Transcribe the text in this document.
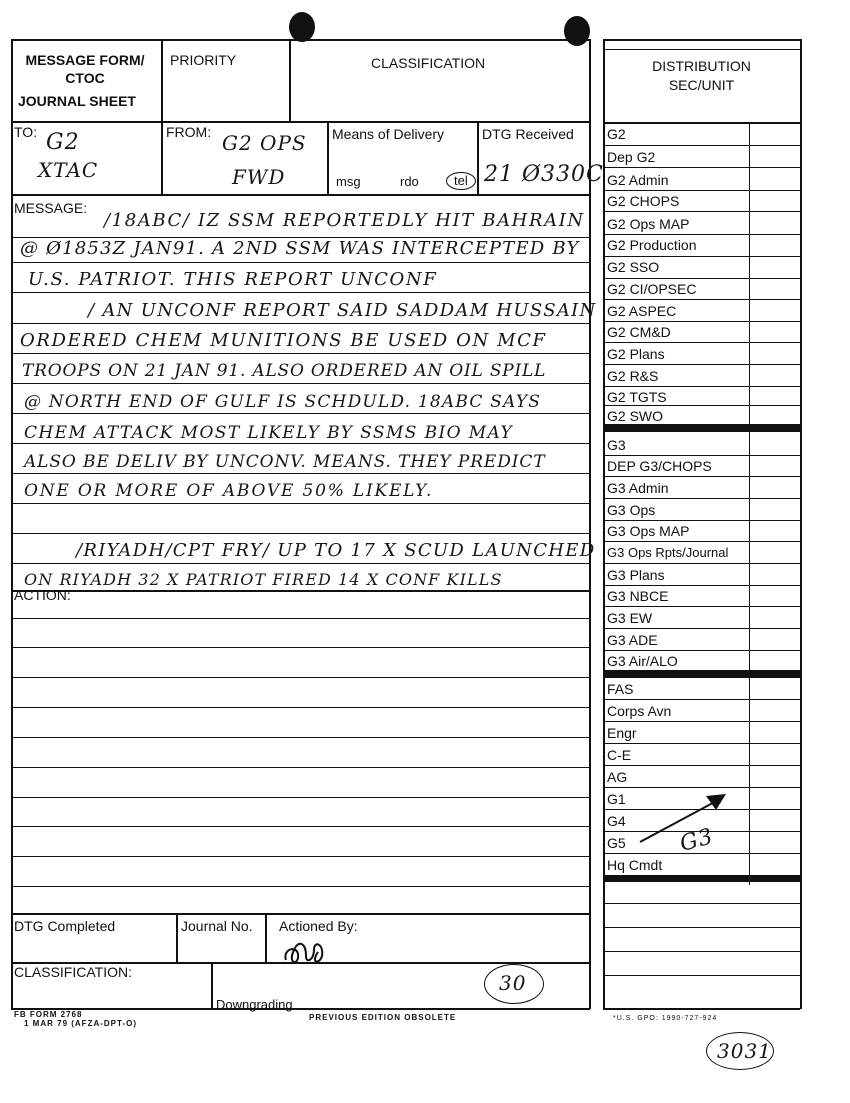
MESSAGE FORM/
CTOC
JOURNAL SHEET
PRIORITY	CLASSIFICATION
TO: G2
XTAC
FROM: G2 OPS
FWD
Means of Delivery
msg	rdo	tel
DTG Received
21 Ø330C
MESSAGE:
/18ABC/ IZ SSM REPORTEDLY HIT BAHRAIN
@ Ø1853Z JAN91. A 2ND SSM WAS INTERCEPTED BY
U.S. PATRIOT. THIS REPORT UNCONF
/ AN UNCONF REPORT SAID SADDAM HUSSAIN
ORDERED CHEM MUNITIONS BE USED ON MCF
TROOPS ON 21 JAN 91. ALSO ORDERED AN OIL SPILL
@ NORTH END OF GULF IS SCHDULD. 18ABC SAYS
CHEM ATTACK MOST LIKELY BY SSMS BIO MAY
ALSO BE DELIV BY UNCONV. MEANS. THEY PREDICT
ONE OR MORE OF ABOVE 50% LIKELY.
/RIYADH/CPT FRY/ UP TO 17 X SCUD LAUNCHED
ON RIYADH 32 X PATRIOT FIRED 14 X CONF KILLS
ACTION:
DTG Completed	Journal No. Actioned By:
CLASSIFICATION:
Downgrading
30
FB FORM 2768
1 MAR 79 (AFZA-DPT-O)
PREVIOUS EDITION OBSOLETE	*U.S. GPO: 1990-727-924
3031
DISTRIBUTION
SEC/UNIT
G2
Dep G2
G2 Admin
G2 CHOPS
G2 Ops MAP
G2 Production
G2 SSO
G2 CI/OPSEC
G2 ASPEC
G2 CM&D
G2 Plans
G2 R&S
G2 TGTS
G2 SWO
G3
DEP G3/CHOPS
G3 Admin
G3 Ops
G3 Ops MAP
G3 Ops Rpts/Journal
G3 Plans
G3 NBCE
G3 EW
G3 ADE
G3 Air/ALO
FAS
Corps Avn
Engr
C-E
AG
G1
G4
G5
Hq Cmdt
G3
